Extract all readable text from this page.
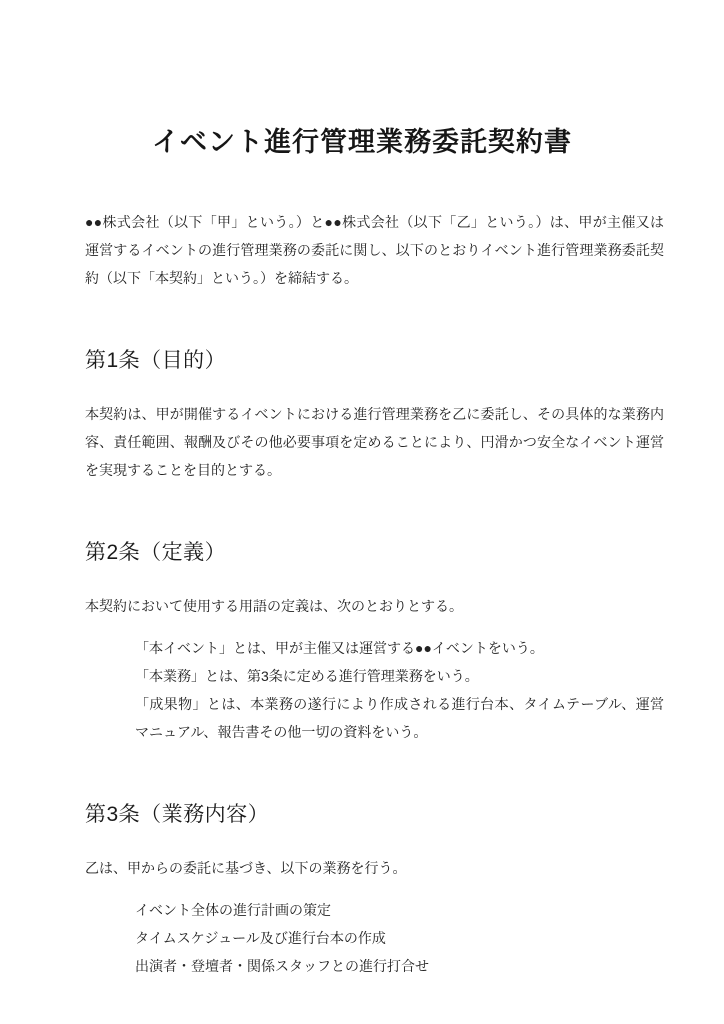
イベント進行管理業務委託契約書

●●株式会社（以下「甲」という。）と●●株式会社（以下「乙」という。）は、甲が主催又は運営するイベントの進行管理業務の委託に関し、以下のとおりイベント進行管理業務委託契約（以下「本契約」という。）を締結する。

第1条（目的）

本契約は、甲が開催するイベントにおける進行管理業務を乙に委託し、その具体的な業務内容、責任範囲、報酬及びその他必要事項を定めることにより、円滑かつ安全なイベント運営を実現することを目的とする。

第2条（定義）

本契約において使用する用語の定義は、次のとおりとする。

「本イベント」とは、甲が主催又は運営する●●イベントをいう。
「本業務」とは、第3条に定める進行管理業務をいう。
「成果物」とは、本業務の遂行により作成される進行台本、タイムテーブル、運営マニュアル、報告書その他一切の資料をいう。
第3条（業務内容）

乙は、甲からの委託に基づき、以下の業務を行う。

イベント全体の進行計画の策定
タイムスケジュール及び進行台本の作成
出演者・登壇者・関係スタッフとの進行打合せ
